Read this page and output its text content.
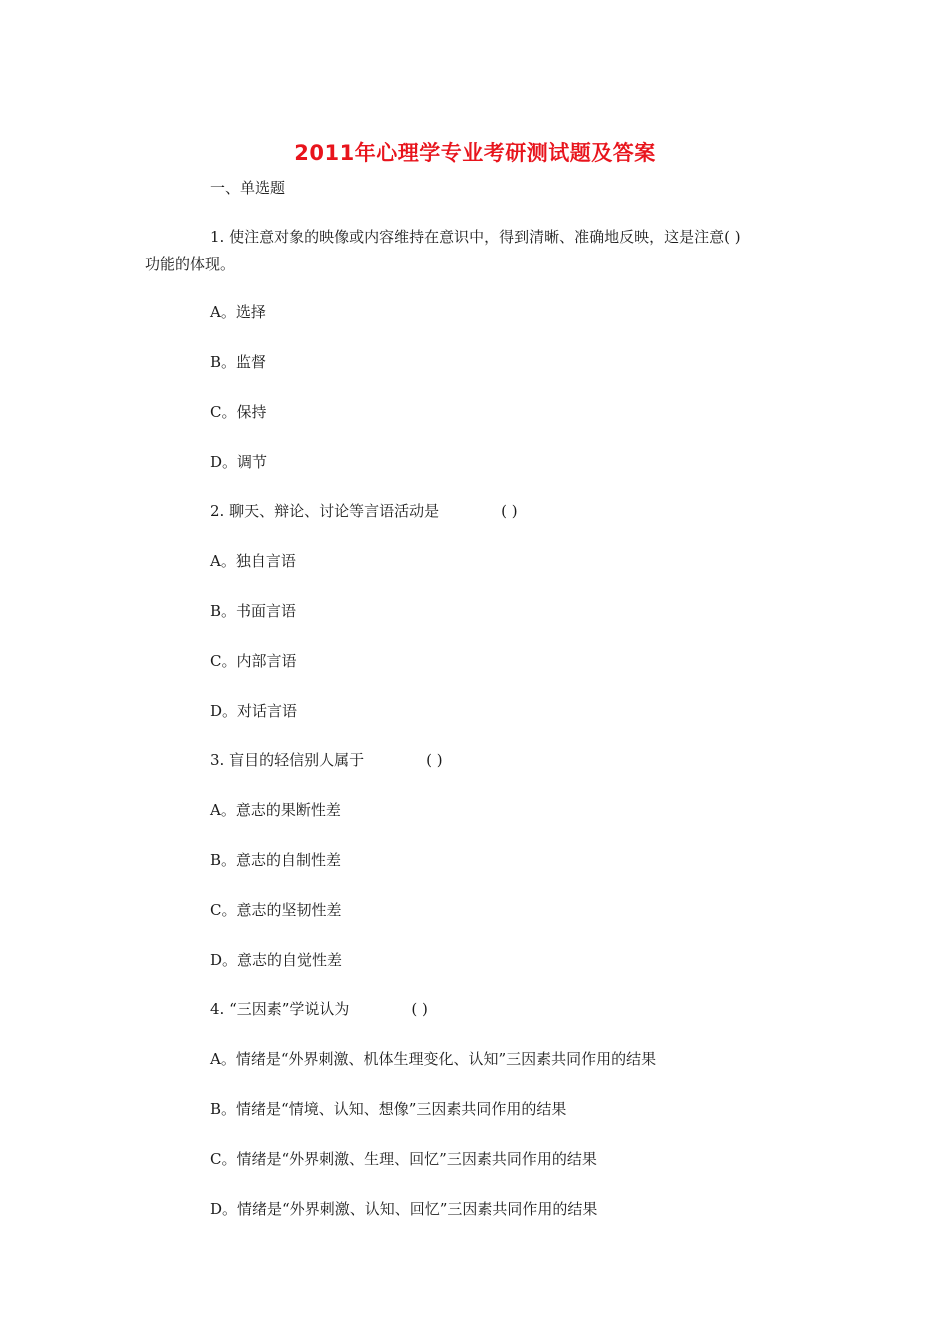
2011年心理学专业考研测试题及答案
一、单选题
1. 使注意对象的映像或内容维持在意识中，得到清晰、准确地反映，这是注意( )
功能的体现。
A。选择
B。监督
C。保持
D。调节
2. 聊天、辩论、讨论等言语活动是	( )
A。独自言语
B。书面言语
C。内部言语
D。对话言语
3. 盲目的轻信别人属于	( )
A。意志的果断性差
B。意志的自制性差
C。意志的坚韧性差
D。意志的自觉性差
4. “三因素”学说认为	( )
A。情绪是“外界刺激、机体生理变化、认知”三因素共同作用的结果
B。情绪是“情境、认知、想像”三因素共同作用的结果
C。情绪是“外界刺激、生理、回忆”三因素共同作用的结果
D。情绪是“外界刺激、认知、回忆”三因素共同作用的结果
